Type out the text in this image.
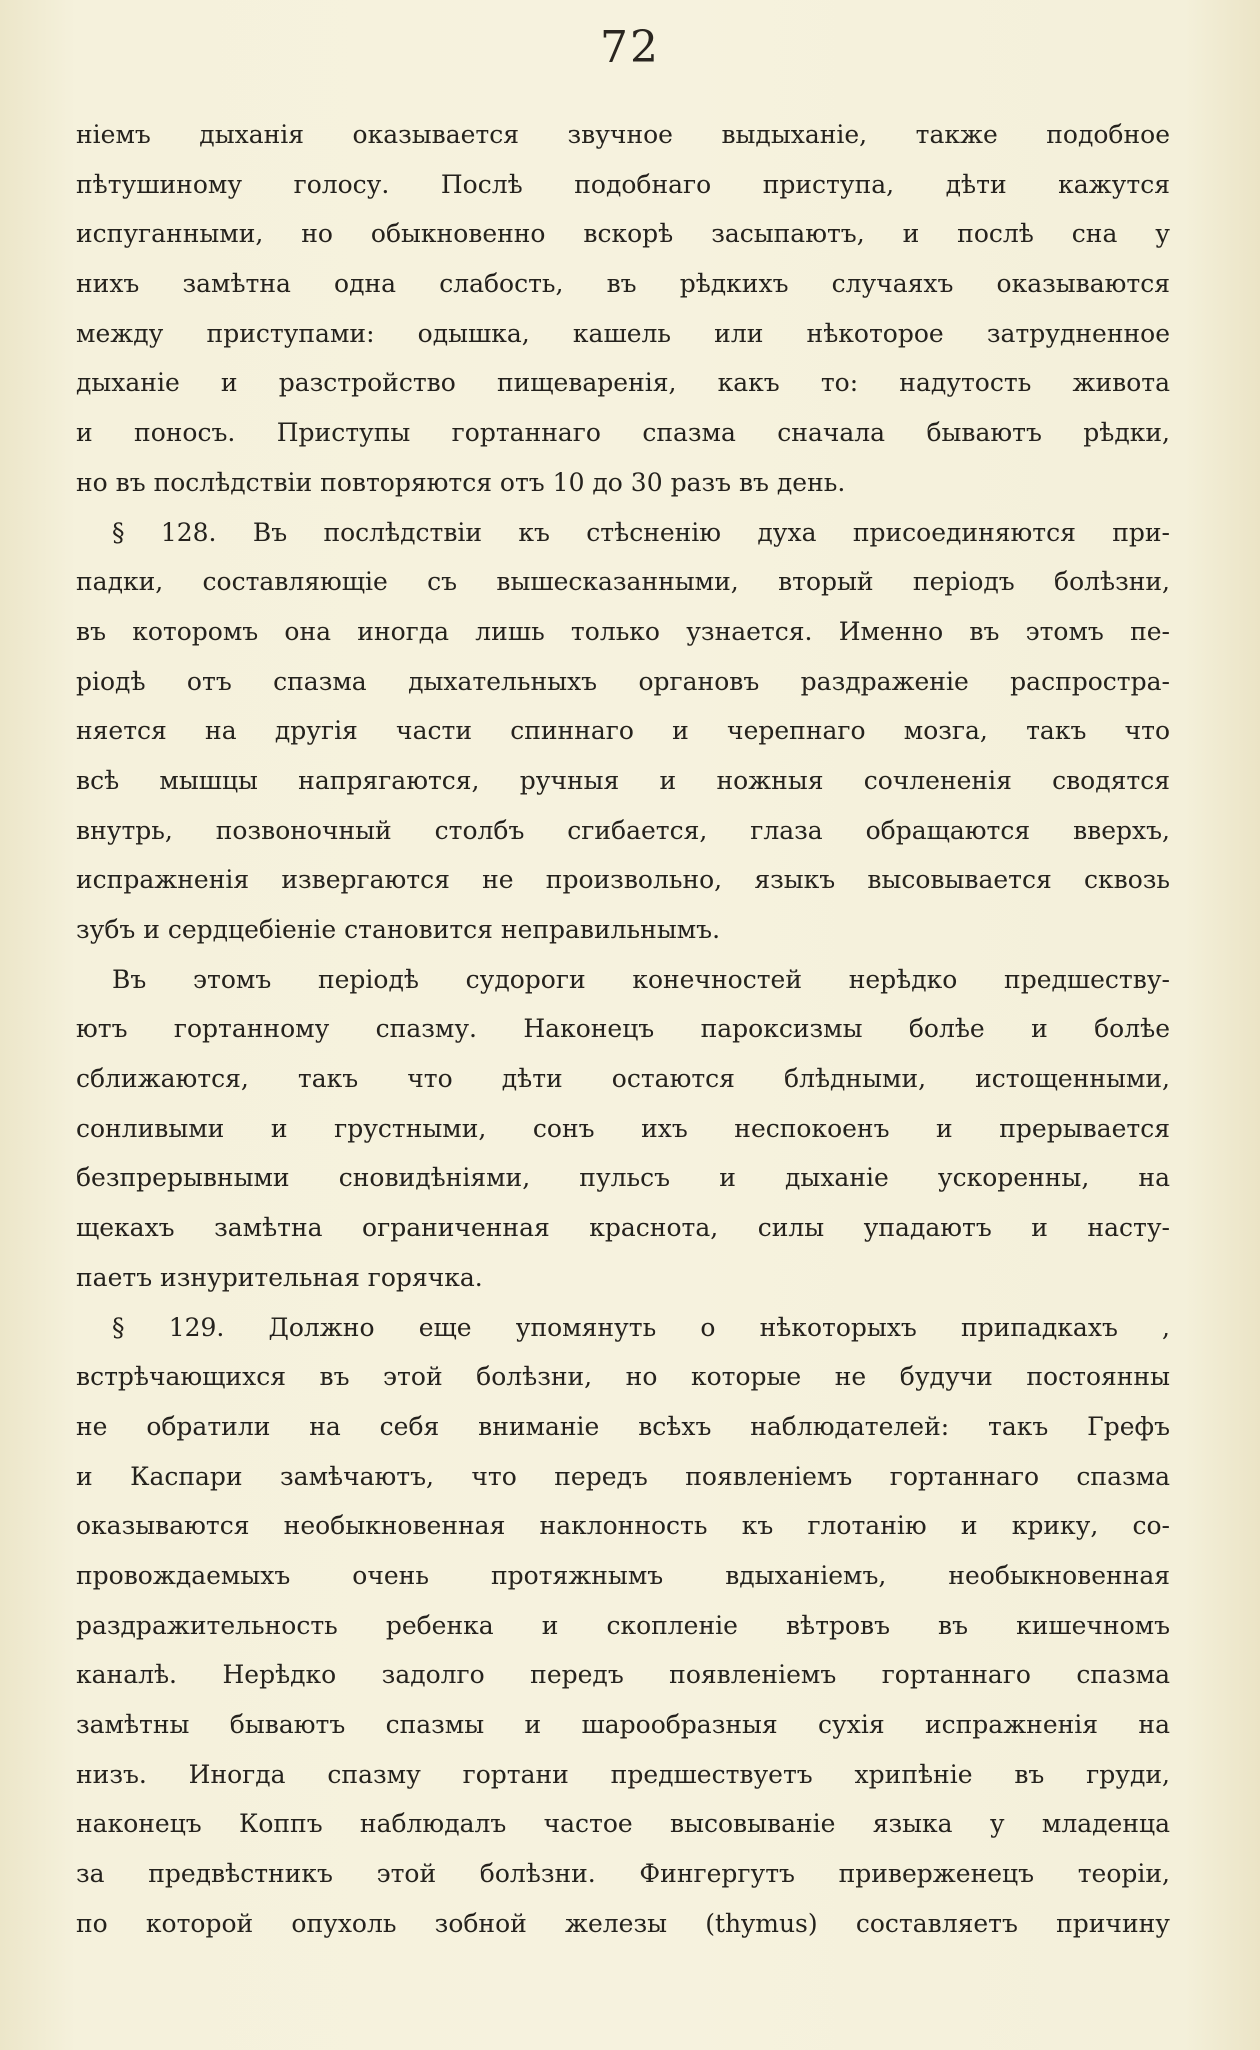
72
ніемъ дыханія оказывается звучное выдыханіе, также подобное
пѣтушиному голосу. Послѣ подобнаго приступа, дѣти кажутся
испуганными, но обыкновенно вскорѣ засыпаютъ, и послѣ сна у
нихъ замѣтна одна слабость, въ рѣдкихъ случаяхъ оказываются
между приступами: одышка, кашель или нѣкоторое затрудненное
дыханіе и разстройство пищеваренія, какъ то: надутость живота
и поносъ. Приступы гортаннаго спазма сначала бываютъ рѣдки,
но въ послѣдствіи повторяются отъ 10 до 30 разъ въ день.
§ 128. Въ послѣдствіи къ стѣсненію духа присоединяются при-
падки, составляющіе съ вышесказанными, вторый періодъ болѣзни,
въ которомъ она иногда лишь только узнается. Именно въ этомъ пе-
ріодѣ отъ спазма дыхательныхъ органовъ раздраженіе распростра-
няется на другія части спиннаго и черепнаго мозга, такъ что
всѣ мышцы напрягаются, ручныя и ножныя сочлененія сводятся
внутрь, позвоночный столбъ сгибается, глаза обращаются вверхъ,
испражненія извергаются не произвольно, языкъ высовывается сквозь
зубъ и сердцебіеніе становится неправильнымъ.
Въ этомъ періодѣ судороги конечностей нерѣдко предшеству-
ютъ гортанному спазму. Наконецъ пароксизмы болѣе и болѣе
сближаются, такъ что дѣти остаются блѣдными, истощенными,
сонливыми и грустными, сонъ ихъ неспокоенъ и прерывается
безпрерывными сновидѣніями, пульсъ и дыханіе ускоренны, на
щекахъ замѣтна ограниченная краснота, силы упадаютъ и насту-
паетъ изнурительная горячка.
§ 129. Должно еще упомянуть о нѣкоторыхъ припадкахъ ,
встрѣчающихся въ этой болѣзни, но которые не будучи постоянны
не обратили на себя вниманіе всѣхъ наблюдателей: такъ Грефъ
и Каспари замѣчаютъ, что передъ появленіемъ гортаннаго спазма
оказываются необыкновенная наклонность къ глотанію и крику, со-
провождаемыхъ очень протяжнымъ вдыханіемъ, необыкновенная
раздражительность ребенка и скопленіе вѣтровъ въ кишечномъ
каналѣ. Нерѣдко задолго передъ появленіемъ гортаннаго спазма
замѣтны бываютъ спазмы и шарообразныя сухія испражненія на
низъ. Иногда спазму гортани предшествуетъ хрипѣніе въ груди,
наконецъ Коппъ наблюдалъ частое высовываніе языка у младенца
за предвѣстникъ этой болѣзни. Фингергутъ приверженецъ теоріи,
по которой опухоль зобной железы (thymus) составляетъ причину
